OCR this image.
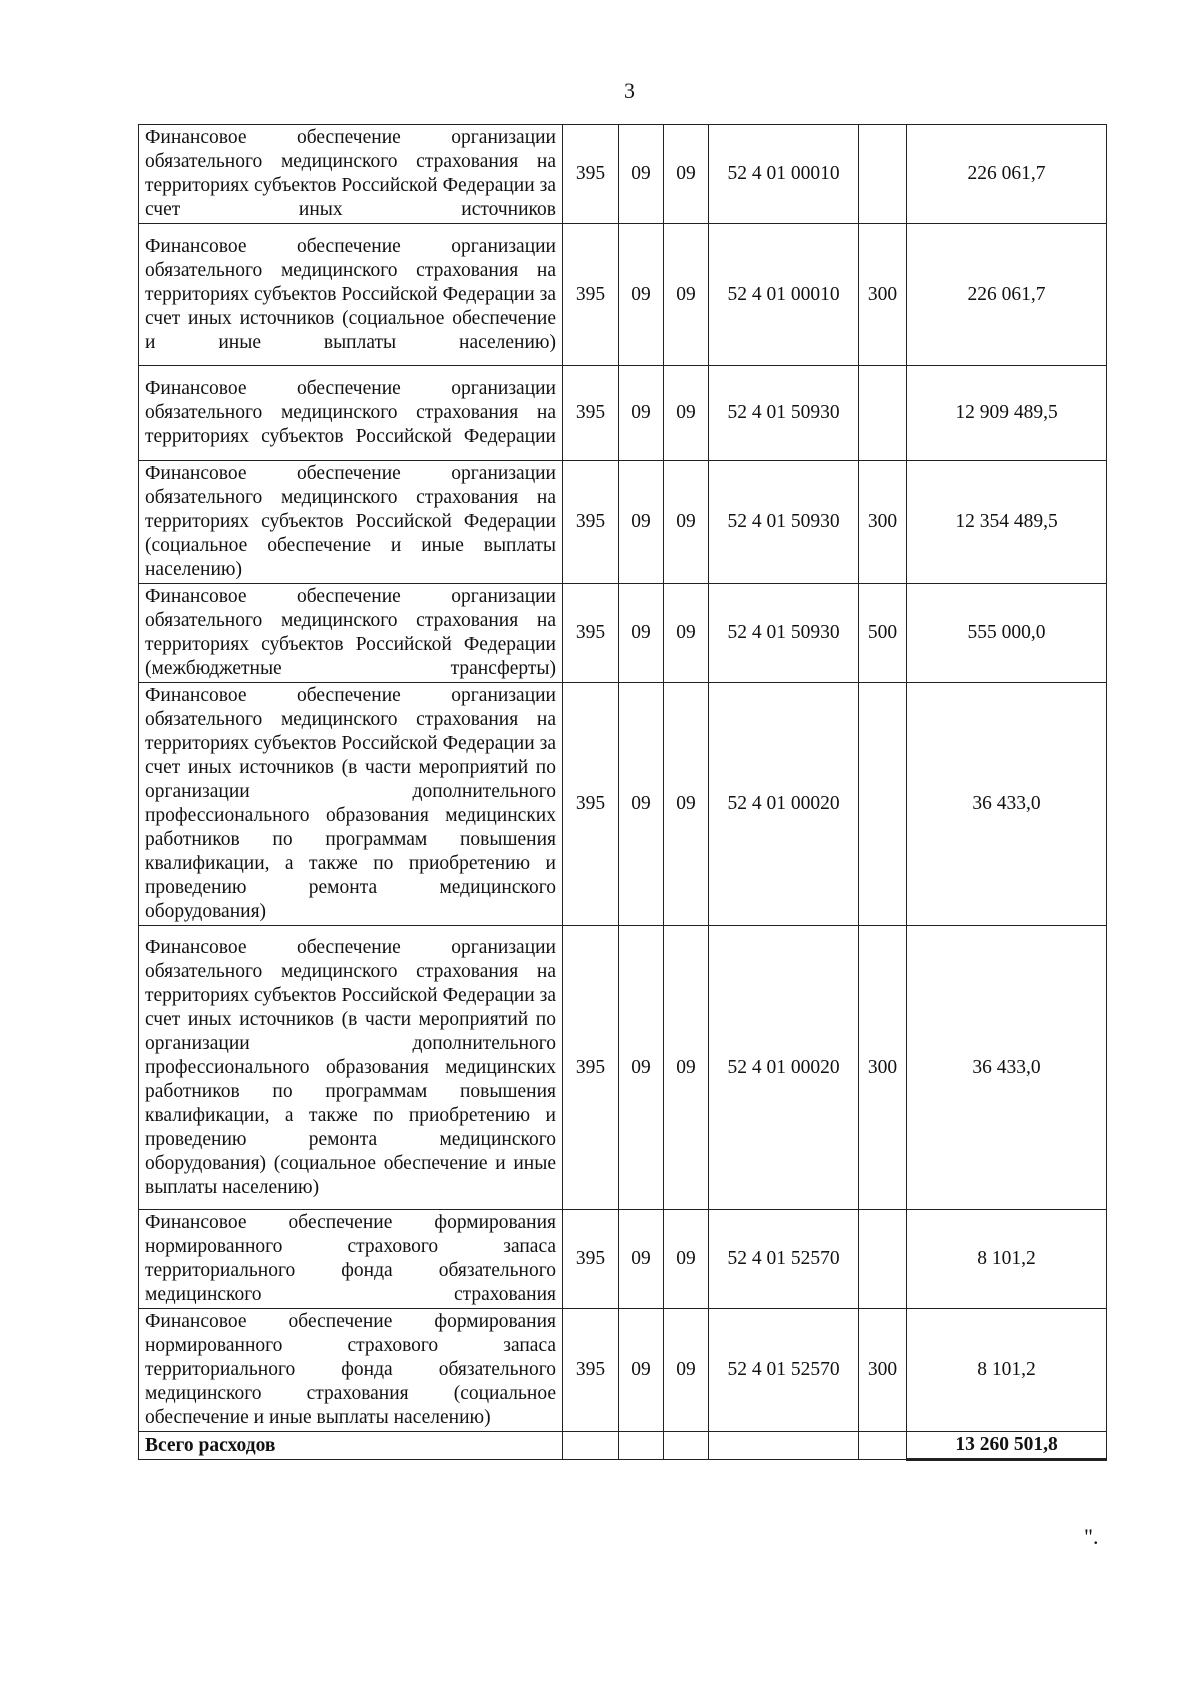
3
Финансовое обеспечение организации обязательного медицинского страхования на территориях субъектов Российской Федерации за счет иных источников	395	09	09	52 4 01 00010		226 061,7
Финансовое обеспечение организации обязательного медицинского страхования на территориях субъектов Российской Федерации за счет иных источников (социальное обеспечение и иные выплаты населению)	395	09	09	52 4 01 00010	300	226 061,7
Финансовое обеспечение организации обязательного медицинского страхования на территориях субъектов Российской Федерации	395	09	09	52 4 01 50930		12 909 489,5
Финансовое обеспечение организации обязательного медицинского страхования на территориях субъектов Российской Федерации (социальное обеспечение и иные выплаты населению)	395	09	09	52 4 01 50930	300	12 354 489,5
Финансовое обеспечение организации обязательного медицинского страхования на территориях субъектов Российской Федерации (межбюджетные трансферты)	395	09	09	52 4 01 50930	500	555 000,0
Финансовое обеспечение организации обязательного медицинского страхования на территориях субъектов Российской Федерации за счет иных источников (в части мероприятий по организации дополнительного профессионального образования медицинских работников по программам повышения квалификации, а также по приобретению и проведению ремонта медицинского оборудования)	395	09	09	52 4 01 00020		36 433,0
Финансовое обеспечение организации обязательного медицинского страхования на территориях субъектов Российской Федерации за счет иных источников (в части мероприятий по организации дополнительного профессионального образования медицинских работников по программам повышения квалификации, а также по приобретению и проведению ремонта медицинского оборудования) (социальное обеспечение и иные выплаты населению)	395	09	09	52 4 01 00020	300	36 433,0
Финансовое обеспечение формирования нормированного страхового запаса территориального фонда обязательного медицинского страхования	395	09	09	52 4 01 52570		8 101,2
Финансовое обеспечение формирования нормированного страхового запаса территориального фонда обязательного медицинского страхования (социальное обеспечение и иные выплаты населению)	395	09	09	52 4 01 52570	300	8 101,2
Всего расходов						13 260 501,8
".
